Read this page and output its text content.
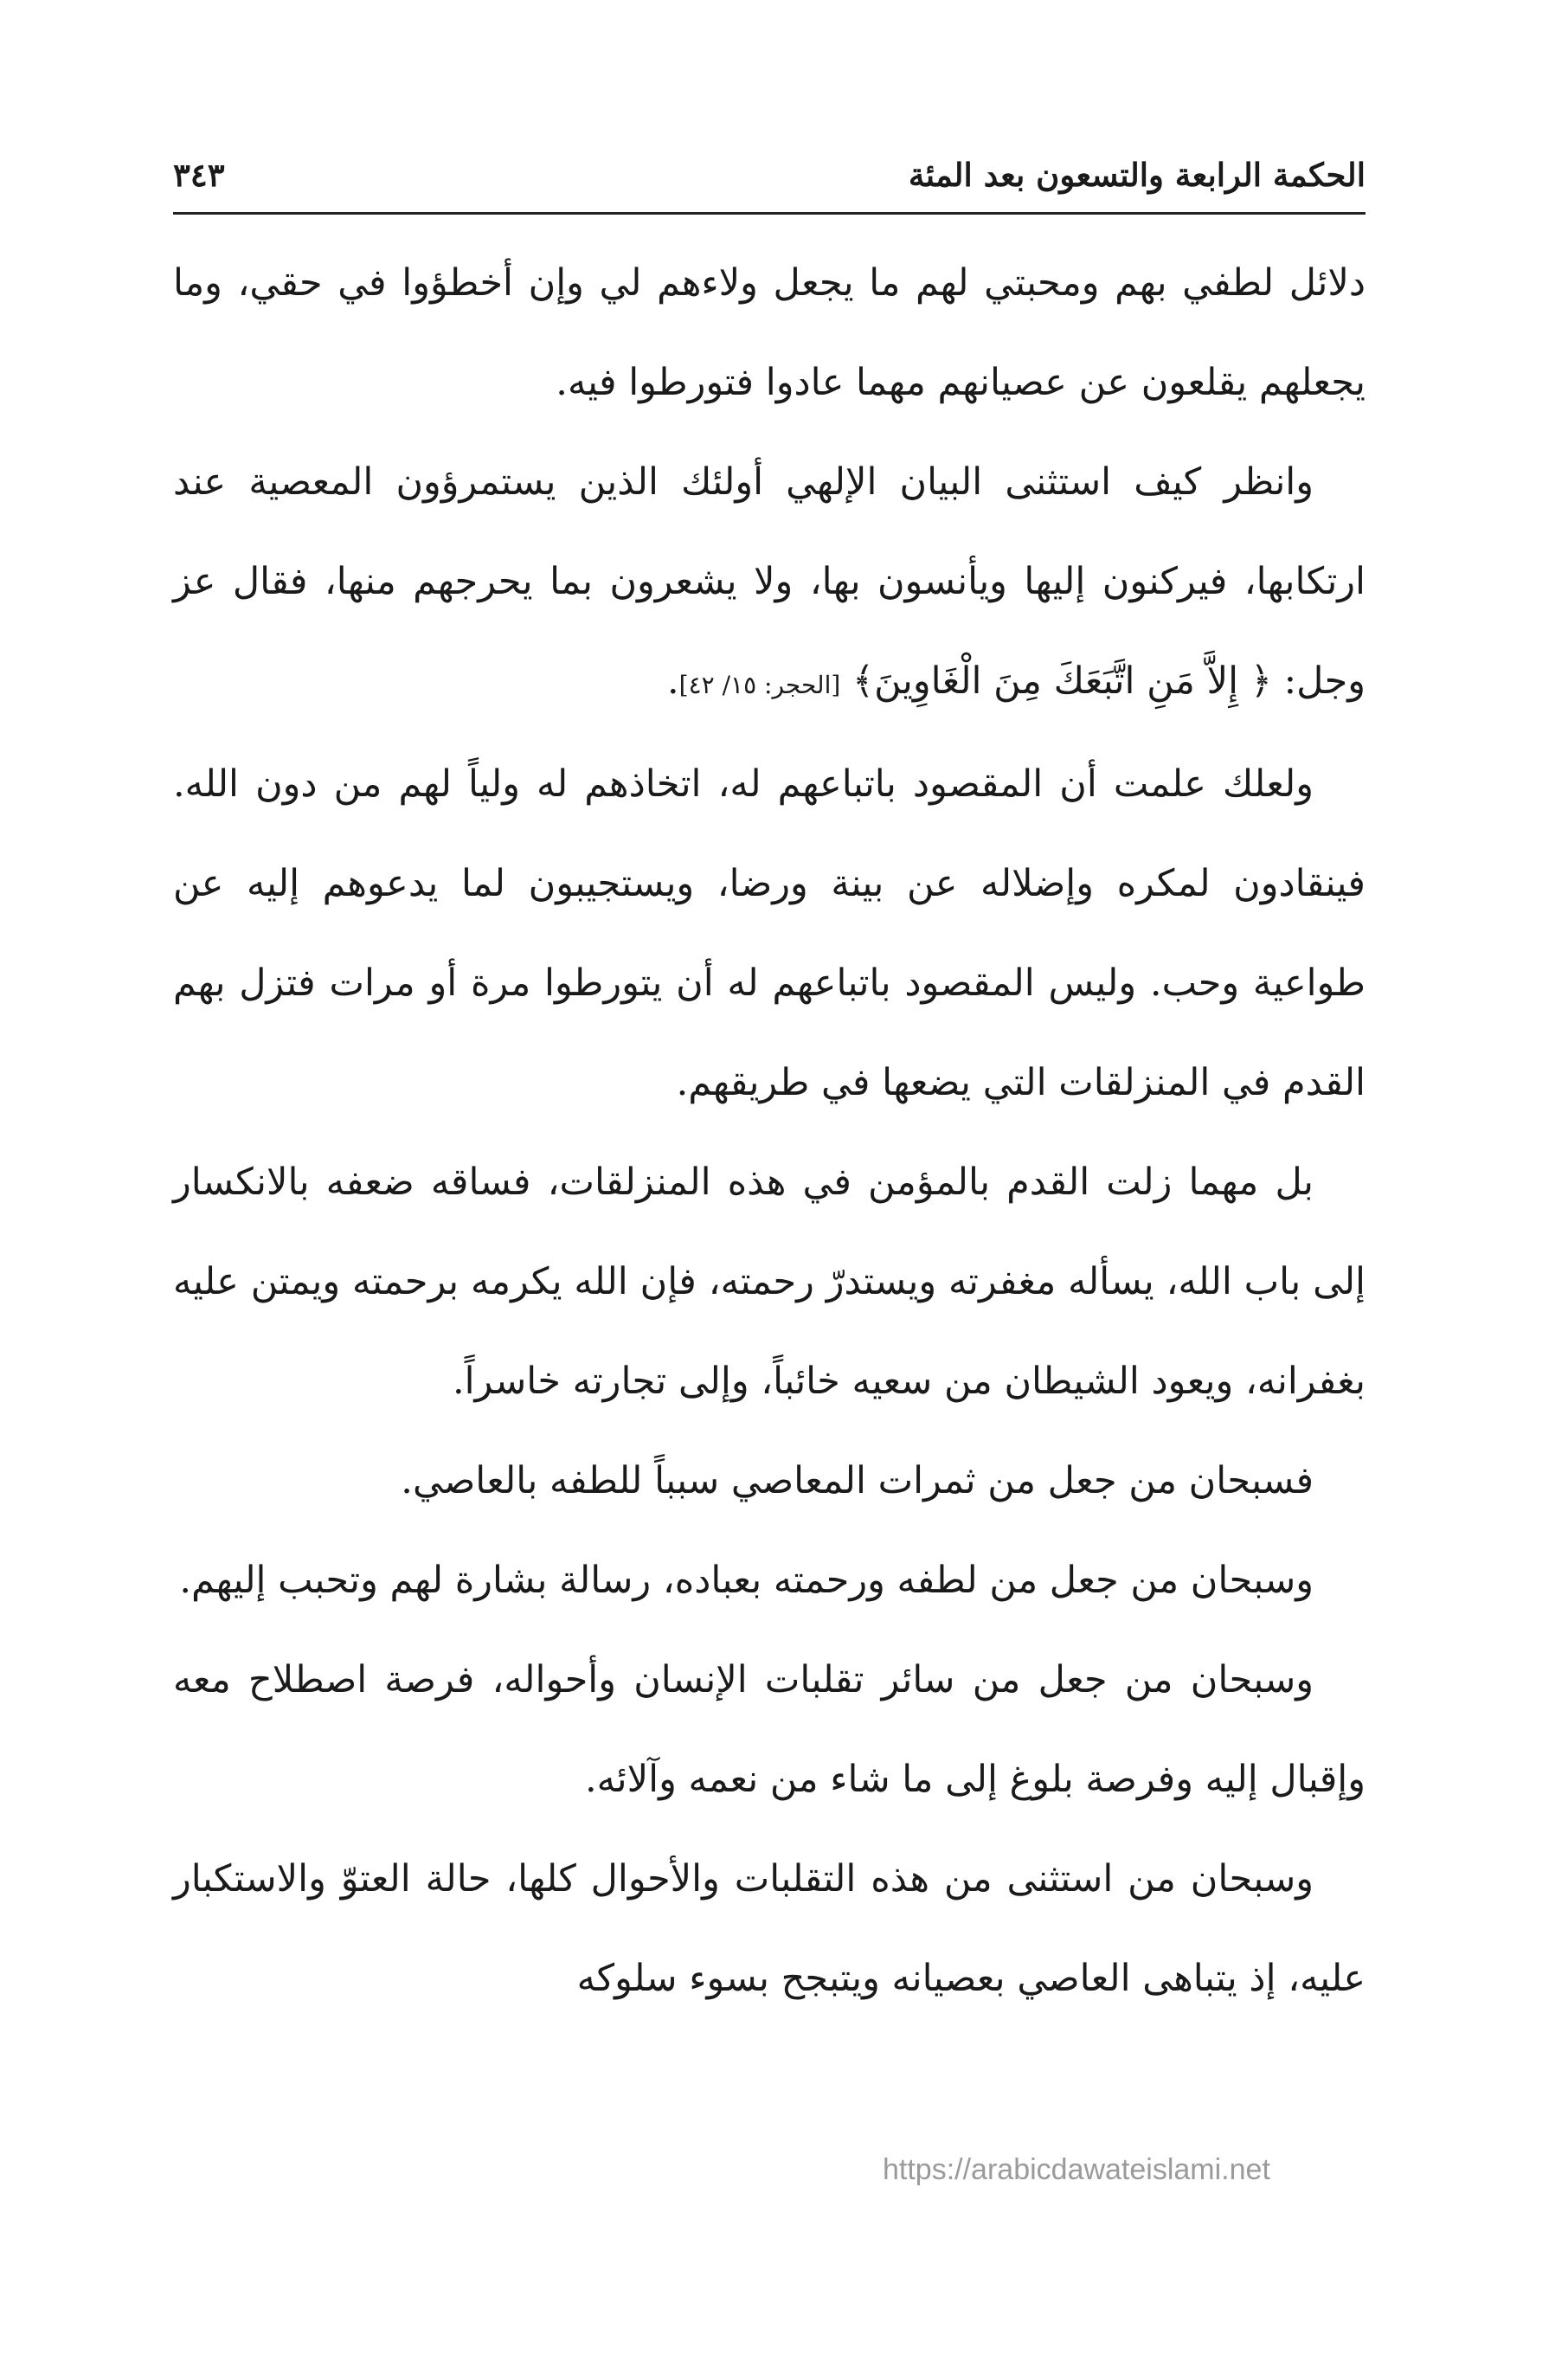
الحكمة الرابعة والتسعون بعد المئة
٣٤٣

دلائل لطفي بهم ومحبتي لهم ما يجعل ولاءهم لي وإن أخطؤوا في حقي، وما يجعلهم يقلعون عن عصيانهم مهما عادوا فتورطوا فيه.

وانظر كيف استثنى البيان الإلهي أولئك الذين يستمرؤون المعصية عند ارتكابها، فيركنون إليها ويأنسون بها، ولا يشعرون بما يحرجهم منها، فقال عز وجل: ﴿ إِلاَّ مَنِ اتَّبَعَكَ مِنَ الْغَاوِينَ﴾ [الحجر: ١٥/ ٤٢].

ولعلك علمت أن المقصود باتباعهم له، اتخاذهم له ولياً لهم من دون الله. فينقادون لمكره وإضلاله عن بينة ورضا، ويستجيبون لما يدعوهم إليه عن طواعية وحب. وليس المقصود باتباعهم له أن يتورطوا مرة أو مرات فتزل بهم القدم في المنزلقات التي يضعها في طريقهم.

بل مهما زلت القدم بالمؤمن في هذه المنزلقات، فساقه ضعفه بالانكسار إلى باب الله، يسأله مغفرته ويستدرّ رحمته، فإن الله يكرمه برحمته ويمتن عليه بغفرانه، ويعود الشيطان من سعيه خائباً، وإلى تجارته خاسراً.

فسبحان من جعل من ثمرات المعاصي سبباً للطفه بالعاصي.

وسبحان من جعل من لطفه ورحمته بعباده، رسالة بشارة لهم وتحبب إليهم.

وسبحان من جعل من سائر تقلبات الإنسان وأحواله، فرصة اصطلاح معه وإقبال إليه وفرصة بلوغ إلى ما شاء من نعمه وآلائه.

وسبحان من استثنى من هذه التقلبات والأحوال كلها، حالة العتوّ والاستكبار عليه، إذ يتباهى العاصي بعصيانه ويتبجح بسوء سلوكه

https://arabicdawateislami.net
